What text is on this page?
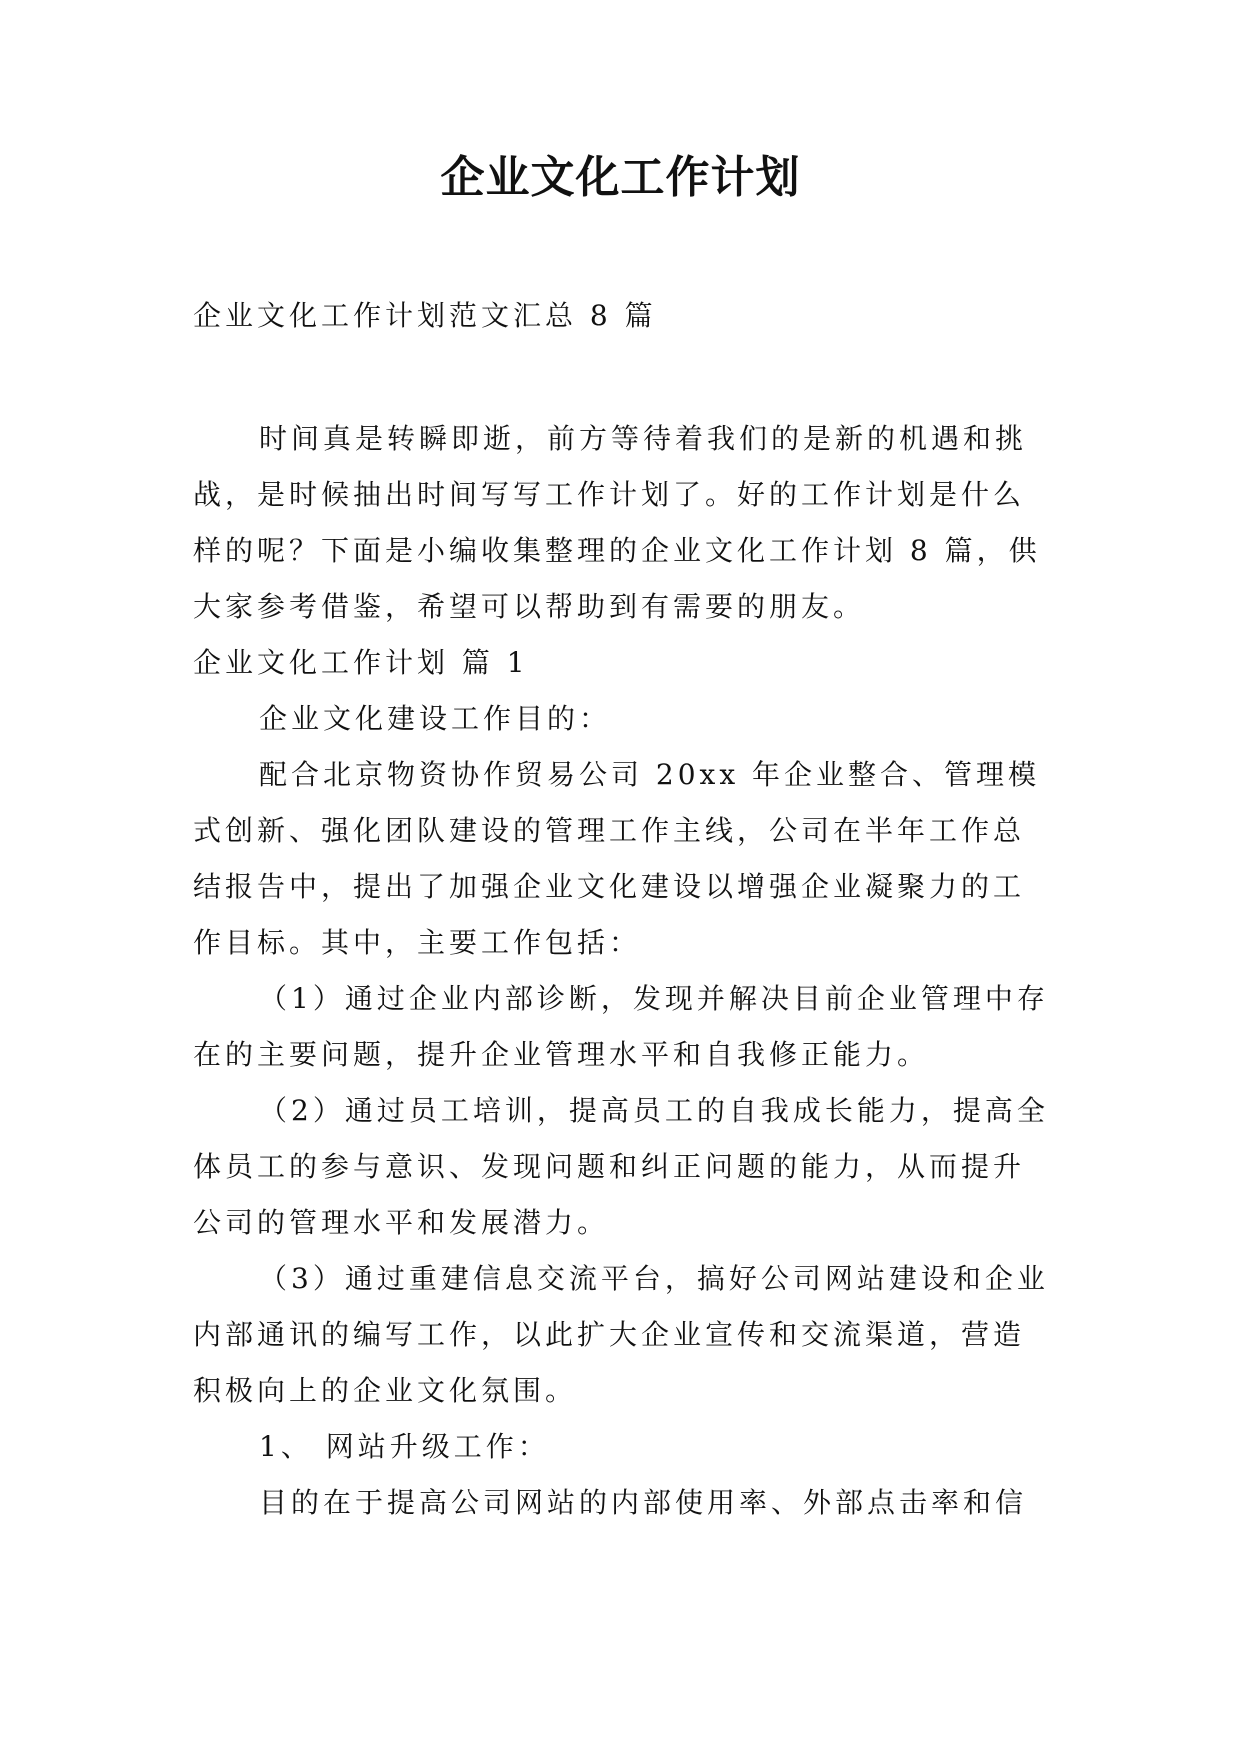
企业文化工作计划

企业文化工作计划范文汇总 8 篇

时间真是转瞬即逝，前方等待着我们的是新的机遇和挑战，是时候抽出时间写写工作计划了。好的工作计划是什么样的呢？下面是小编收集整理的企业文化工作计划 8 篇，供大家参考借鉴，希望可以帮助到有需要的朋友。

企业文化工作计划 篇 1

企业文化建设工作目的：

配合北京物资协作贸易公司 20xx 年企业整合、管理模式创新、强化团队建设的管理工作主线，公司在半年工作总结报告中，提出了加强企业文化建设以增强企业凝聚力的工作目标。其中，主要工作包括：

（1）通过企业内部诊断，发现并解决目前企业管理中存在的主要问题，提升企业管理水平和自我修正能力。

（2）通过员工培训，提高员工的自我成长能力，提高全体员工的参与意识、发现问题和纠正问题的能力，从而提升公司的管理水平和发展潜力。

（3）通过重建信息交流平台，搞好公司网站建设和企业内部通讯的编写工作，以此扩大企业宣传和交流渠道，营造积极向上的企业文化氛围。

1、 网站升级工作：

目的在于提高公司网站的内部使用率、外部点击率和信
